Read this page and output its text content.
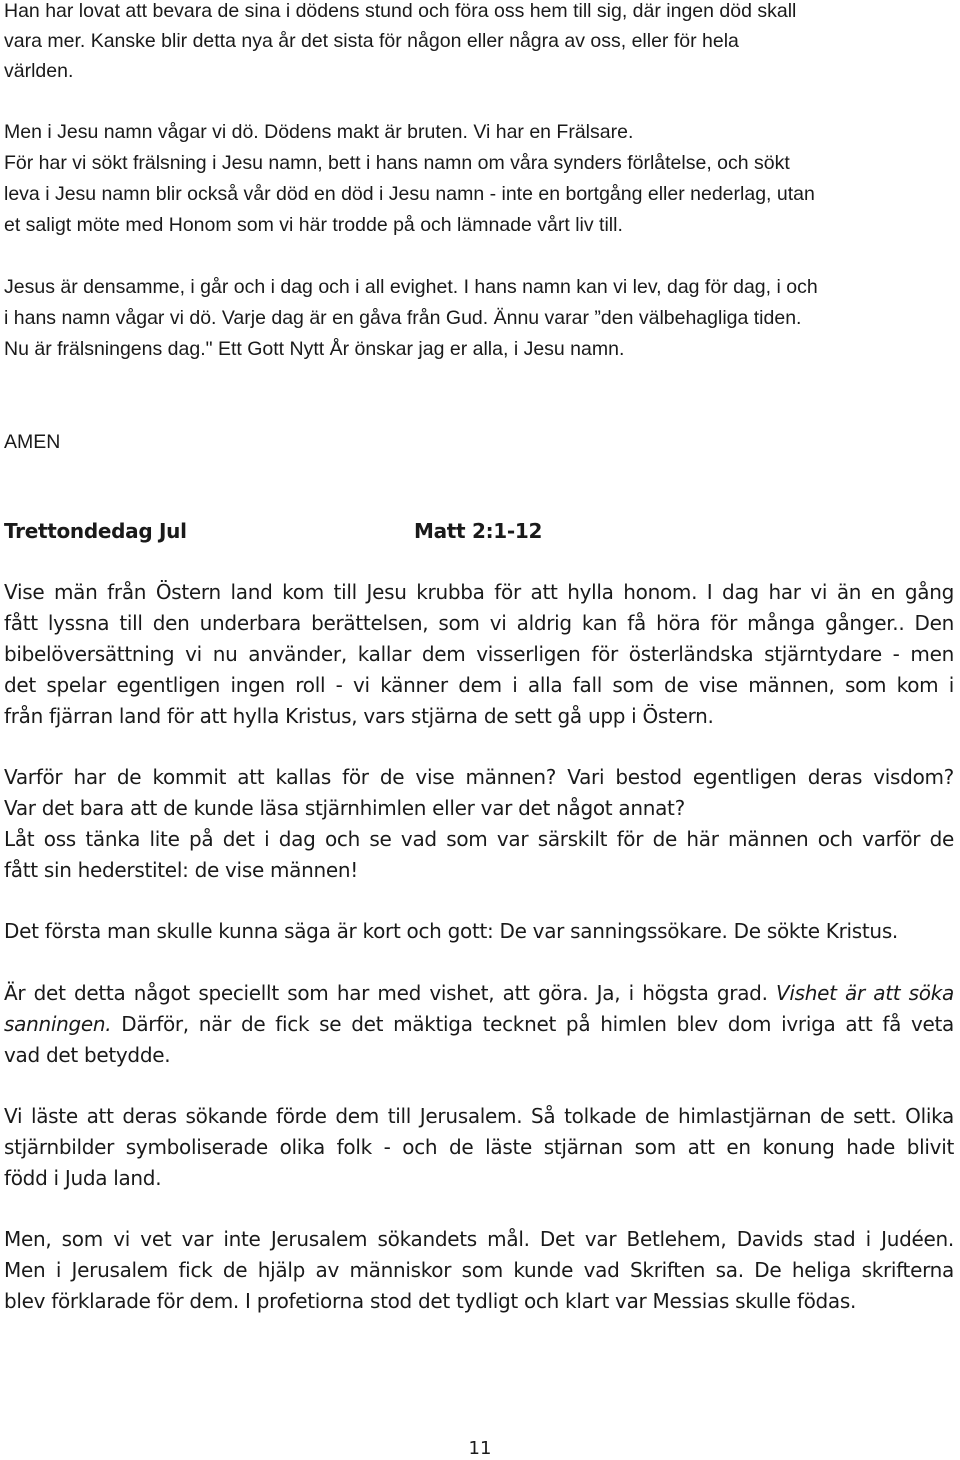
Han har lovat att bevara de sina i dödens stund och föra oss hem till sig, där ingen död skall

vara mer. Kanske blir detta nya år det sista för någon eller några av oss, eller för hela

världen.

Men i Jesu namn vågar vi dö. Dödens makt är bruten. Vi har en Frälsare.

För har vi sökt frälsning i Jesu namn, bett i hans namn om våra synders förlåtelse, och sökt

leva i Jesu namn blir också vår död en död i Jesu namn - inte en bortgång eller nederlag, utan

et saligt möte med Honom som vi här trodde på och lämnade vårt liv till.

Jesus är densamme, i går och i dag och i all evighet. I hans namn kan vi lev, dag för dag, i och

i hans namn vågar vi dö. Varje dag är en gåva från Gud. Ännu varar ”den välbehagliga tiden.

Nu är frälsningens dag." Ett Gott Nytt År önskar jag er alla, i Jesu namn.

AMEN

Trettondedag Jul	Matt 2:1-12

Vise män från Östern land kom till Jesu krubba för att hylla honom. I dag har vi än en gång

fått lyssna till den underbara berättelsen, som vi aldrig kan få höra för många gånger.. Den

bibelöversättning vi nu använder, kallar dem visserligen för österländska stjärntydare - men

det spelar egentligen ingen roll - vi känner dem i alla fall som de vise männen, som kom i

från fjärran land för att hylla Kristus, vars stjärna de sett gå upp i Östern.

Varför har de kommit att kallas för de vise männen? Vari bestod egentligen deras visdom?

Var det bara att de kunde läsa stjärnhimlen eller var det något annat?

Låt oss tänka lite på det i dag och se vad som var särskilt för de här männen och varför de

fått sin hederstitel: de vise männen!

Det första man skulle kunna säga är kort och gott: De var sanningssökare. De sökte Kristus.

Är det detta något speciellt som har med vishet, att göra. Ja, i högsta grad. Vishet är att söka

sanningen. Därför, när de fick se det mäktiga tecknet på himlen blev dom ivriga att få veta

vad det betydde.

Vi läste att deras sökande förde dem till Jerusalem. Så tolkade de himlastjärnan de sett. Olika

stjärnbilder symboliserade olika folk - och de läste stjärnan som att en konung hade blivit

född i Juda land.

Men, som vi vet var inte Jerusalem sökandets mål. Det var Betlehem, Davids stad i Judéen.

Men i Jerusalem fick de hjälp av människor som kunde vad Skriften sa. De heliga skrifterna

blev förklarade för dem. I profetiorna stod det tydligt och klart var Messias skulle födas.

11
